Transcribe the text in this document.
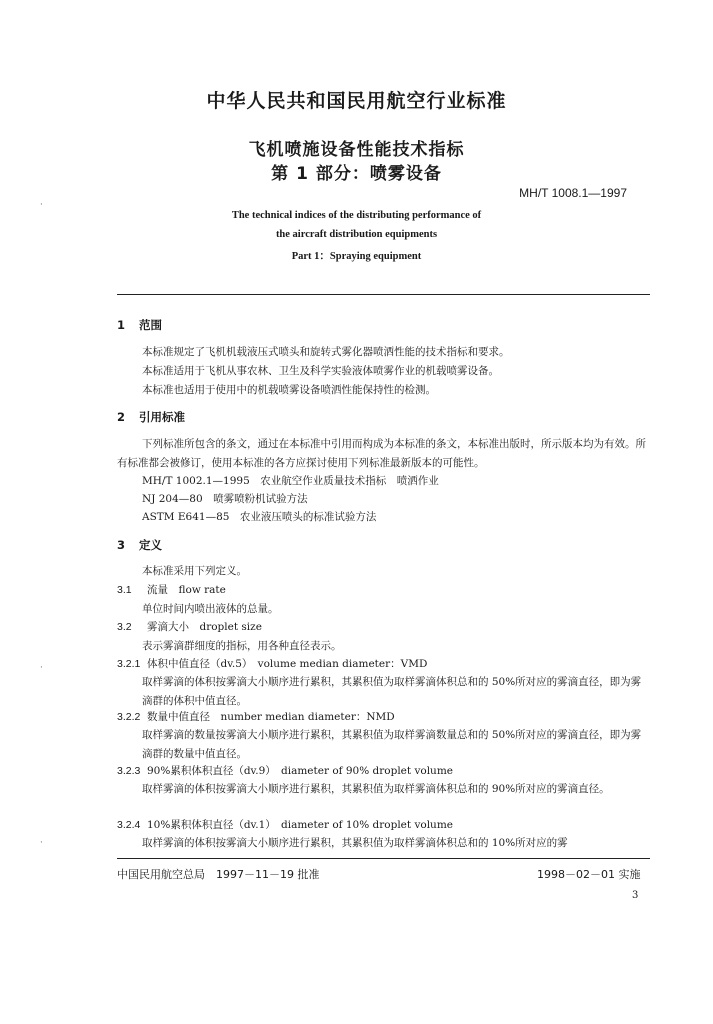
中华人民共和国民用航空行业标准
飞机喷施设备性能技术指标
第 1 部分：喷雾设备
MH/T 1008.1—1997
The technical indices of the distributing performance of
the aircraft distribution equipments
Part 1：Spraying equipment
1 范围
本标准规定了飞机机载液压式喷头和旋转式雾化器喷洒性能的技术指标和要求。
本标准适用于飞机从事农林、卫生及科学实验液体喷雾作业的机载喷雾设备。
本标准也适用于使用中的机载喷雾设备喷洒性能保持性的检测。
2 引用标准
下列标准所包含的条文，通过在本标准中引用而构成为本标准的条文，本标准出版时，所示版本均为有效。所有标准都会被修订，使用本标准的各方应探讨使用下列标准最新版本的可能性。
MH/T 1002.1—1995　农业航空作业质量技术指标　喷洒作业
NJ 204—80　喷雾喷粉机试验方法
ASTM E641—85　农业液压喷头的标准试验方法
3 定义
本标准采用下列定义。
3.1 流量　flow rate
单位时间内喷出液体的总量。
3.2 雾滴大小　droplet size
表示雾滴群细度的指标，用各种直径表示。
3.2.1 体积中值直径（dv.5）　volume median diameter：VMD
取样雾滴的体积按雾滴大小顺序进行累积，其累积值为取样雾滴体积总和的 50%所对应的雾滴直径，即为雾滴群的体积中值直径。
3.2.2 数量中值直径　number median diameter：NMD
取样雾滴的数量按雾滴大小顺序进行累积，其累积值为取样雾滴数量总和的 50%所对应的雾滴直径，即为雾滴群的数量中值直径。
3.2.3 90%累积体积直径（dv.9）　diameter of 90% droplet volume
取样雾滴的体积按雾滴大小顺序进行累积，其累积值为取样雾滴体积总和的 90%所对应的雾滴直径。
3.2.4 10%累积体积直径（dv.1）　diameter of 10% droplet volume
取样雾滴的体积按雾滴大小顺序进行累积，其累积值为取样雾滴体积总和的 10%所对应的雾
中国民用航空总局　1997－11－19 批准	1998－02－01 实施
3
·
·
·
